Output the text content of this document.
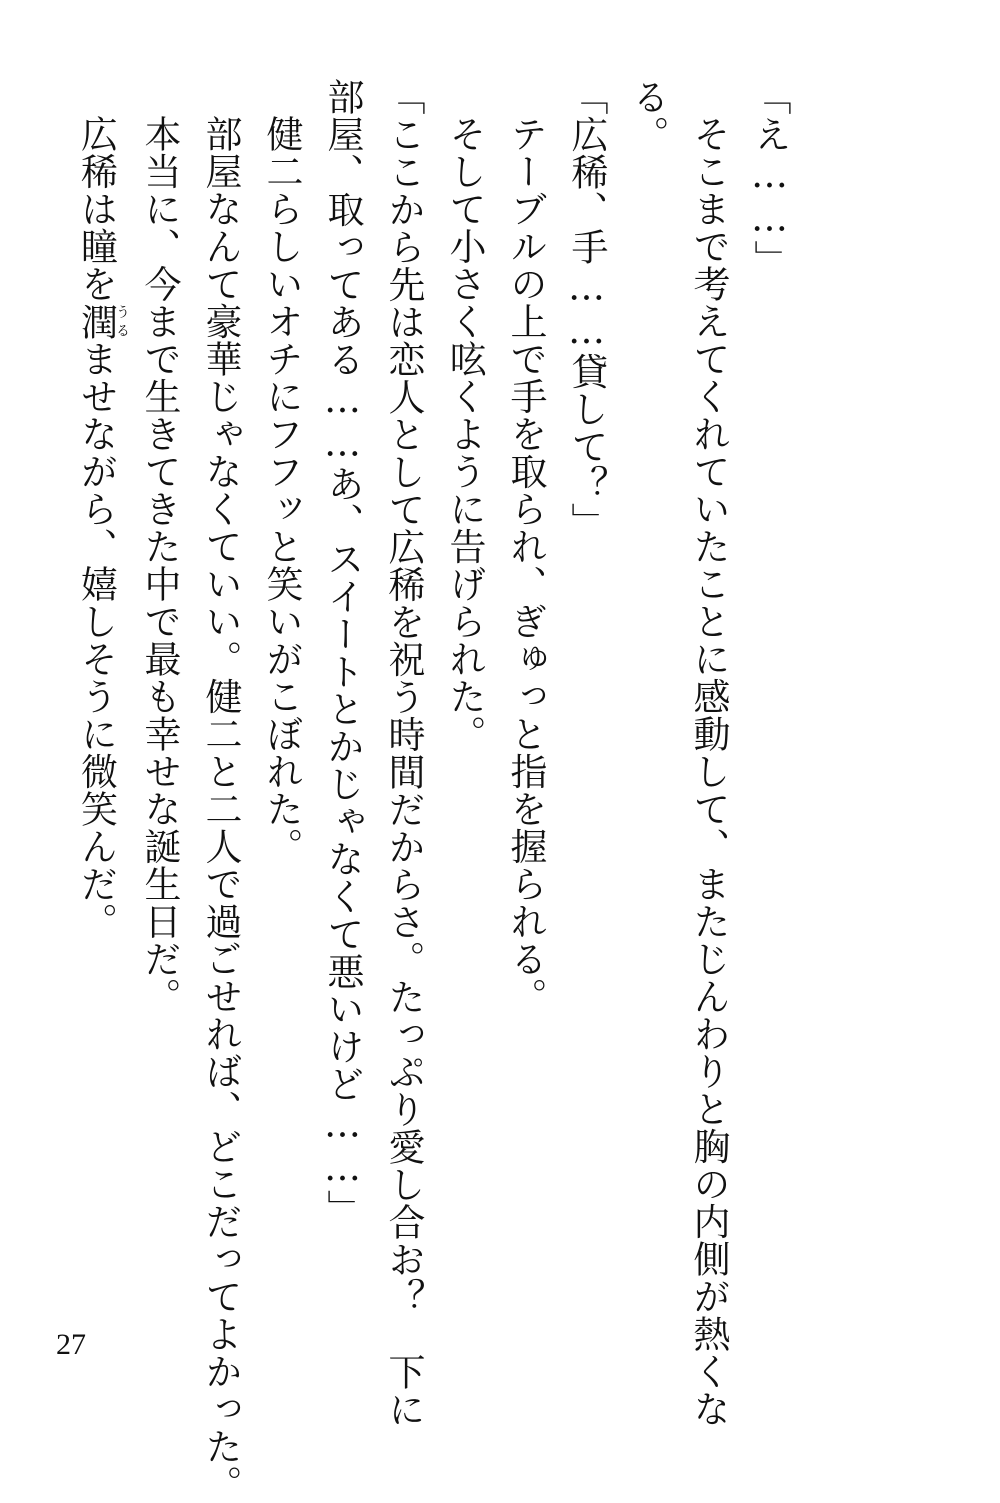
「え……」
そこまで考えてくれていたことに感動して、またじんわりと胸の内側が熱くな
る。
「広稀、手……貸して？」
テーブルの上で手を取られ、ぎゅっと指を握られる。
そして小さく呟くように告げられた。
「ここから先は恋人として広稀を祝う時間だからさ。たっぷり愛し合お？　下に
部屋、取ってある……あ、スイートとかじゃなくて悪いけど……」
健二らしいオチにフフッと笑いがこぼれた。
部屋なんて豪華じゃなくていい。健二と二人で過ごせれば、どこだってよかった。
本当に、今まで生きてきた中で最も幸せな誕生日だ。
広稀は瞳を潤うるませながら、嬉しそうに微笑んだ。
27
